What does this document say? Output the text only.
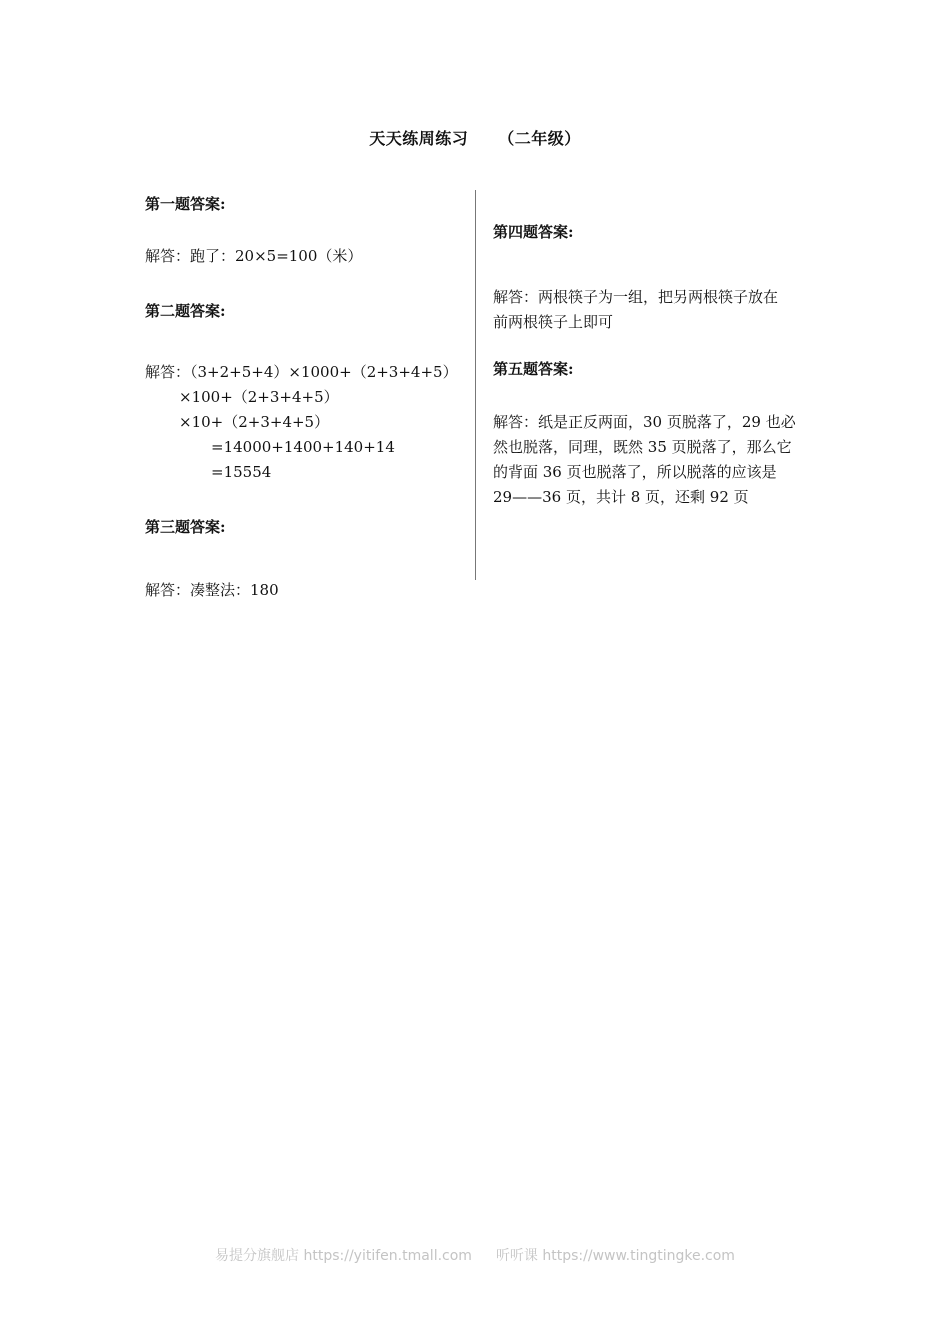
天天练周练习 （二年级）
第一题答案:
解答：跑了：20×5=100（米）
第二题答案:
解答：（3+2+5+4）×1000+（2+3+4+5）
×100+（2+3+4+5）×10+（2+3+4+5）
=14000+1400+140+14
=15554
第三题答案:
解答：凑整法：180
第四题答案:
解答：两根筷子为一组，把另两根筷子放在
前两根筷子上即可
第五题答案:
解答：纸是正反两面，30 页脱落了，29 也必
然也脱落，同理，既然 35 页脱落了，那么它
的背面 36 页也脱落了，所以脱落的应该是
29——36 页，共计 8 页，还剩 92 页
易提分旗舰店 https://yitifen.tmall.com 听听课 https://www.tingtingke.com
